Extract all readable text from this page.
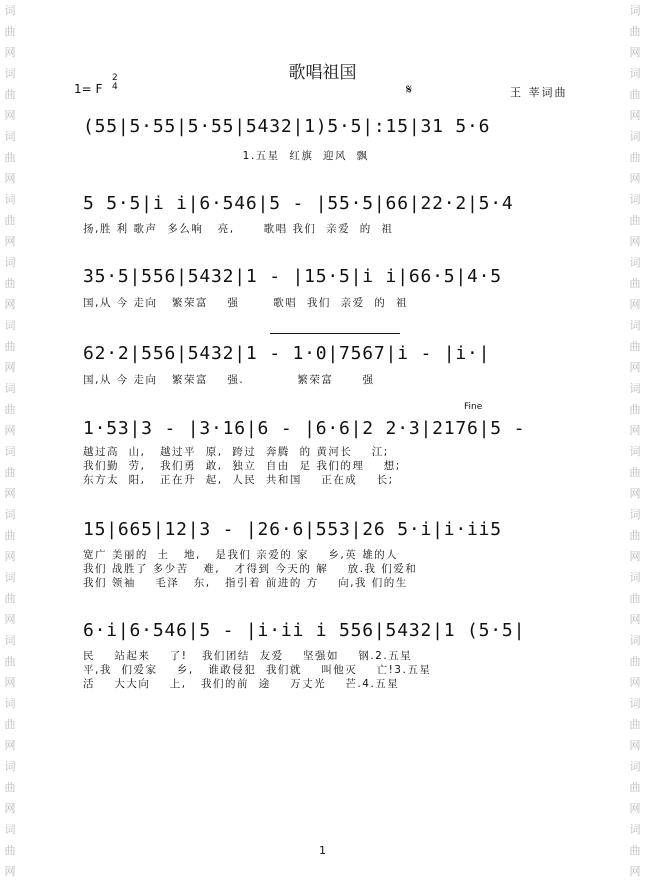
词曲网词曲网词曲网词曲网词曲网词曲网词曲网词曲网词曲网词曲网词曲网词曲网词曲网词曲网
词曲网词曲网词曲网词曲网词曲网词曲网词曲网词曲网词曲网词曲网词曲网词曲网词曲网词曲网
歌唱祖国
1= F
2
4	𝄋	王 莘词曲
(55|5·55|5·55|5432|1)5·5|:15|31 5·6
1.五星  红旗  迎风  飘
5 5·5|i i|6·546|5 - |55·5|66|22·2|5·4
扬,胜 利 歌声  多么响   亮,      歌唱 我们  亲爱  的  祖
35·5|556|5432|1 - |15·5|i i|66·5|4·5
国,从 今 走向   繁荣富    强       歌唱  我们  亲爱  的  祖
62·2|556|5432|1 - 1·0|7567|i - |i·|
国,从 今 走向   繁荣富    强.           繁荣富      强
Fine
1·53|3 - |3·16|6 - |6·6|2 2·3|2176|5 -
越过高  山,   越过平  原,  跨过  奔腾  的 黄河长    江;
我们勤  劳,   我们勇  敢,  独立  自由  足 我们的理    想;
东方太  阳,   正在升  起,  人民  共和国    正在成    长;
15|665|12|3 - |26·6|553|26 5·i|i·ii5
宽广 美丽的  土   地,   是我们 亲爱的 家    乡,英 雄的人
我们 战胜了 多少苦   难,   才得到 今天的 解    放.我 们爱和
我们 领袖    毛泽   东,   指引着 前进的 方    向,我 们的生
6·i|6·546|5 - |i·ii i 556|5432|1 (5·5|
民    站起来    了!   我们团结  友爱    坚强如    钢.2.五星
平,我  们爱家    乡,   谁敢侵犯  我们就    叫他灭    亡!3.五星
活    大大向    上,   我们的前  途    万丈光    芒.4.五星
1
